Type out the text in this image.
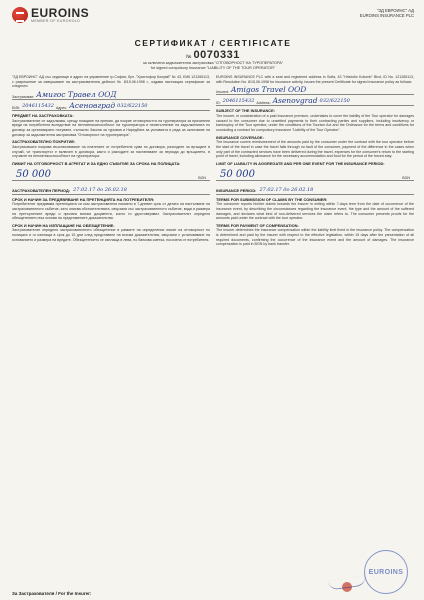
EUROINS
MEMBER OF EUROHOLD
"ЗД ЕВРОИНС" АД
EUROINS INSURANCE PLC
СЕРТИФИКАТ / CERTIFICATE
№ 0070331
за сключена задължителна застраховка "ОТГОВОРНОСТ НА ТУРОПЕРАТОРА"
for signed compulsory Insurance "LIABILITY OF THE TOUR OPERATOR"

"ЗД ЕВРОИНС" АД със седалище и адрес на управление гр.София, бул. "Христофор Колумб" № 43, ЕИК 121265113, с разрешение за извършване на застрахователна дейност № 8/15.06.1998 г., издава настоящия сертификат за следното:

Застрахован: Амигос Травел ООД
ЕИК: 2046115432 Адрес: Асеновград 032/622150
ПРЕДМЕТ НА ЗАСТРАХОВКАТА:

Застрахователят се задължава, срещу плащане на премия, да покрие отговорността на туроператора за причинени вреди на потребителя вследствие на неплатежоспособност на туроператора и неизпълнение на задълженията по договор за организирано пътуване, съгласно Закона за туризма и Наредбата за условията и реда за сключване на договор за задължителна застраховка "Отговорност на туроператора".

ЗАСТРАХОВАТЕЛНО ПОКРИТИЕ:

Застраховката покрива възстановяване на платените от потребителя суми по договора, разходите за връщане в случай, че транспортът е включен в договора, както и разходите за настаняване за периода до връщането, в случаите на неплатежоспособност на туроператора.

ЛИМИТ НА ОТГОВОРНОСТ В АГРЕГАТ И ЗА ЕДНО СЪБИТИЕ ЗА СРОКА НА ПОЛИЦАТА:
50 000	BGN
ЗАСТРАХОВАТЕЛЕН ПЕРИОД: 27.02.17 до 26.02.18
СРОК И НАЧИН ЗА ПРЕДЯВЯВАНЕ НА ПРЕТЕНЦИЯТА НА ПОТРЕБИТЕЛЯ:

Потребителят предявява претенцията си към застрахователя писмено в 7-дневен срок от датата на настъпване на застрахователното събитие, като описва обстоятелствата, свързани със застрахователното събитие, вида и размера на претърпените вреди и прилага всички документи, които ги удостоверяват. Застрахователят определя обезщетението въз основа на представените доказателства.

СРОК И НАЧИН НА ИЗПЛАЩАНЕ НА ОБЕЗЩЕТЕНИЕ:

Застрахователят определя застрахователното обезщетение в рамките на определения лимит на отговорност по полицата и го изплаща в срок до 15 дни след представяне на всички доказателства, свързани с установяване на основанието и размера на вредите. Обезщетението се изплаща в лева, по банкова сметка, посочена от потребителя.

EUROINS INSURANCE PLC with a seat and registered address in Sofia, 43 "Hristofor Kolumb" Blvd, ID No. 121265113, with Resolution No. 8/15.06.1998 for insurance activity, issues the present Certificate for signed insurance policy as follows:

Insured: Amigos Travel OOD
ID: 2046115432 Address: Asenovgrad 032/622150
SUBJECT OF THE INSURANCE:

The insurer, in consideration of a paid insurance premium, undertakes to cover the liability of the Tour operator for damages caused to the consumer due to unsettled payments to their contracting parties and suppliers, including insolvency or bankruptcy of the Tour operator, under the conditions of the Tourism Act and the Ordinance for the terms and conditions for concluding a contract for compulsory insurance "Liability of the Tour Operator".

INSURANCE COVERAGE:

The insurance covers reimbursement of the amounts paid by the consumer under the contract with the tour operator before the start of the travel in case the travel fails through no fault of the consumer, payment of the difference in the cases when only part of the contracted services have been delivered during the travel, expenses for the consumer's return to the starting point of travel, including allowance for the necessary accommodation and food for the period of the forced stay.

LIMIT OF LIABILITY IN AGGREGATE AND PER ONE EVENT FOR THE INSURANCE PERIOD:
50 000	BGN
INSURANCE PERIOD: 27.02.17 до 26.02.18
TERMS FOR SUBMISSION OF CLAIMS BY THE CONSUMER:

The consumer reports his/her claims towards the insurer in writing within 7-days term from the date of occurrence of the insurance event, by describing the circumstances regarding the insurance event, the type and the amount of the suffered damages, and declares what kind of non-delivered services the claim refers to. The consumer presents proofs for the amounts paid under the contract with the tour operator.

TERMS FOR PAYMENT OF COMPENSATION:

The insurer determines the insurance compensation within the liability limit fixed in the insurance policy. The compensation is determined and paid by the insurer with respect to the effective legislation, within 15 days after the presentation of all required documents, confirming the occurrence of the insurance event and the amount of damages. The insurance compensation is paid in BGN by bank transfer.

За Застрахователя / For the Insurer:
EUROINS
